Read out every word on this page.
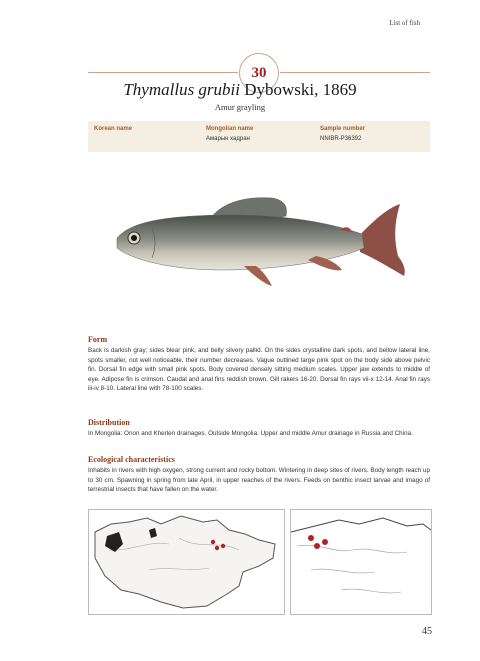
List of fish
30
Thymallus grubii Dybowski, 1869
Amur grayling
Korean name	Mongolian name
Амарын хадран
Sample number
NNIBR-P36392
Form
Back is darkish gray; sides blear pink, and belly silvery pallid. On the sides crystalline dark spots, and bellow lateral line, spots smaller, not well noticeable, their number decreases. Vague outlined large pink spot on the body side above pelvic fin. Dorsal fin edge with small pink spots. Body covered densely sitting medium scales. Upper jaw extends to middle of eye. Adipose fin is crimson. Caudal and anal fins reddish brown. Gill rakers 16-20. Dorsal fin rays vii-x 12-14. Anal fin rays iii-iv 8-10. Lateral line with 78-100 scales.
Distribution
In Mongolia: Onon and Kherlen drainages. Outside Mongolia: Upper and middle Amur drainage in Russia and China.
Ecological characteristics
Inhabits in rivers with high oxygen, strong current and rocky bottom. Wintering in deep sites of rivers. Body length reach up to 30 cm. Spawning in spring from late April, in upper reaches of the rivers. Feeds on benthic insect larvae and imago of terrestrial insects that have fallen on the water.
45
